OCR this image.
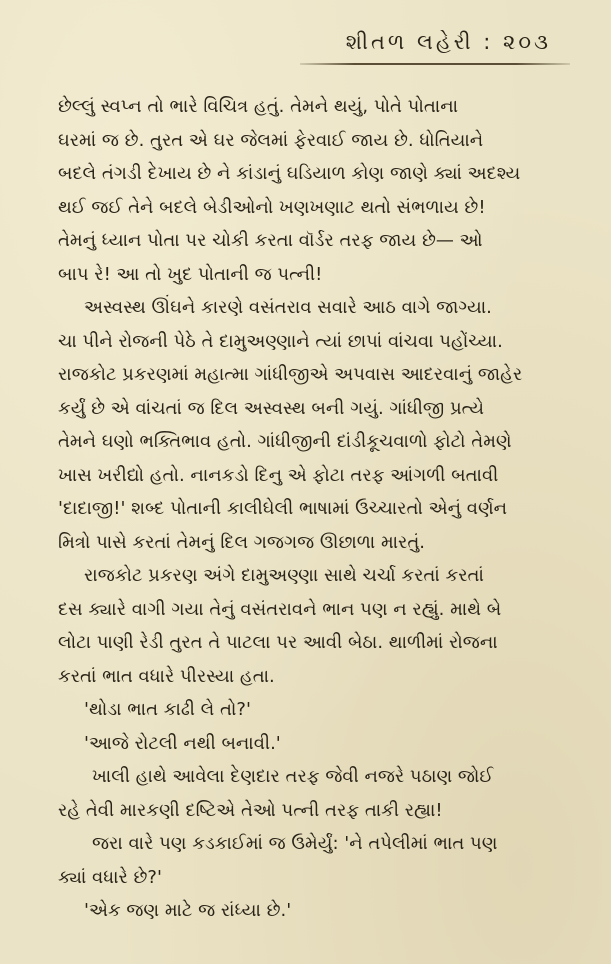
શીતળ લહેરી : ૨૦૩
છેલ્લું સ્વપ્ન તો ભારે વિચિત્ર હતું. તેમને થયું, પોતે પોતાના
ઘરમાં જ છે. તુરત એ ઘર જેલમાં ફેરવાઈ જાય છે. ધોતિયાને
બદલે તંગડી દેખાય છે ને કાંડાનું ઘડિયાળ કોણ જાણે ક્યાં અદશ્ય
થઈ જઈ તેને બદલે બેડીઓનો ખણખણાટ થતો સંભળાય છે!
તેમનું ધ્યાન પોતા પર ચોકી કરતા વૉર્ડર તરફ જાય છે— ઓ
બાપ રે! આ તો ખુદ પોતાની જ પત્ની!
અસ્વસ્થ ઊંઘને કારણે વસંતરાવ સવારે આઠ વાગે જાગ્યા.
ચા પીને રોજની પેઠે તે દામુઅણ્ણાને ત્યાં છાપાં વાંચવા પહોંચ્યા.
રાજકોટ પ્રકરણમાં મહાત્મા ગાંધીજીએ અપવાસ આદરવાનું જાહેર
કર્યું છે એ વાંચતાં જ દિલ અસ્વસ્થ બની ગયું. ગાંધીજી પ્રત્યે
તેમને ઘણો ભક્તિભાવ હતો. ગાંધીજીની દાંડીકૂચવાળો ફોટો તેમણે
ખાસ ખરીદ્યો હતો. નાનકડો દિનુ એ ફોટા તરફ આંગળી બતાવી
'દાદાજી!' શબ્દ પોતાની કાલીઘેલી ભાષામાં ઉચ્ચારતો એનું વર્ણન
મિત્રો પાસે કરતાં તેમનું દિલ ગજગજ ઊછાળા મારતું.
રાજકોટ પ્રકરણ અંગે દામુઅણ્ણા સાથે ચર્ચા કરતાં કરતાં
દસ ક્યારે વાગી ગયા તેનું વસંતરાવને ભાન પણ ન રહ્યું. માથે બે
લોટા પાણી રેડી તુરત તે પાટલા પર આવી બેઠા. થાળીમાં રોજના
કરતાં ભાત વધારે પીરસ્યા હતા.
'થોડા ભાત કાઢી લે તો?'
'આજે રોટલી નથી બનાવી.'
ખાલી હાથે આવેલા દેણદાર તરફ જેવી નજરે પઠાણ જોઈ
રહે તેવી મારકણી દષ્ટિએ તેઓ પત્ની તરફ તાકી રહ્યા!
જરા વારે પણ કડકાઈમાં જ ઉમેર્યું: 'ને તપેલીમાં ભાત પણ
ક્યાં વધારે છે?'
'એક જણ માટે જ રાંધ્યા છે.'
